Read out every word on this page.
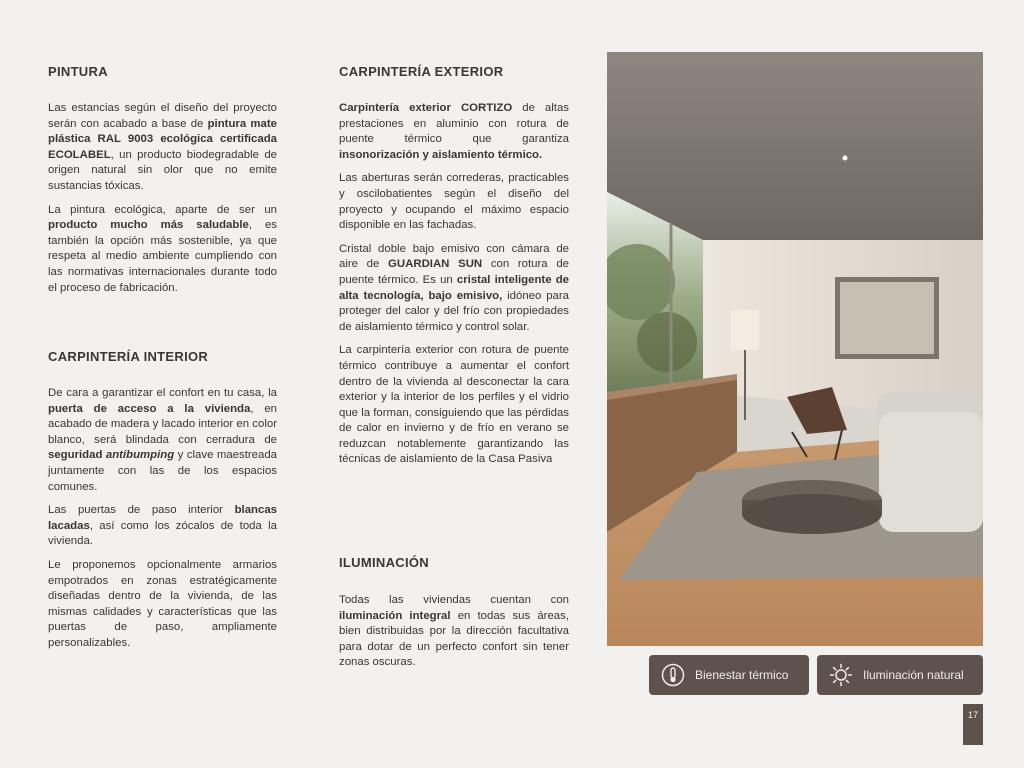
PINTURA

Las estancias según el diseño del proyecto serán con acabado a base de pintura mate plástica RAL 9003 ecológica certificada ECOLABEL, un producto biodegradable de origen natural sin olor que no emite sustancias tóxicas.

La pintura ecológica, aparte de ser un producto mucho más saludable, es también la opción más sostenible, ya que respeta al medio ambiente cumpliendo con las normativas internacionales durante todo el proceso de fabricación.

CARPINTERÍA INTERIOR

De cara a garantizar el confort en tu casa, la puerta de acceso a la vivienda, en acabado de madera y lacado interior en color blanco, será blindada con cerradura de seguridad antibumping y clave maestreada juntamente con las de los espacios comunes.

Las puertas de paso interior blancas lacadas, así como los zócalos de toda la vivienda.

Le proponemos opcionalmente armarios empotrados en zonas estratégicamente diseñadas dentro de la vivienda, de las mismas calidades y características que las puertas de paso, ampliamente personalizables.

CARPINTERÍA EXTERIOR

Carpintería exterior CORTIZO de altas prestaciones en aluminio con rotura de puente térmico que garantiza insonorización y aislamiento térmico.

Las aberturas serán correderas, practicables y oscilobatientes según el diseño del proyecto y ocupando el máximo espacio disponible en las fachadas.

Cristal doble bajo emisivo con cámara de aire de GUARDIAN SUN con rotura de puente térmico. Es un cristal inteligente de alta tecnología, bajo emisivo, idóneo para proteger del calor y del frío con propiedades de aislamiento térmico y control solar.

La carpintería exterior con rotura de puente térmico contribuye a aumentar el confort dentro de la vivienda al desconectar la cara exterior y la interior de los perfiles y el vidrio que la forman, consiguiendo que las pérdidas de calor en invierno y de frío en verano se reduzcan notablemente garantizando las técnicas de aislamiento de la Casa Pasiva

ILUMINACIÓN

Todas las viviendas cuentan con iluminación integral en todas sus áreas, bien distribuidas por la dirección facultativa para dotar de un perfecto confort sin tener zonas oscuras.

Bienestar térmico	Iluminación natural
17
